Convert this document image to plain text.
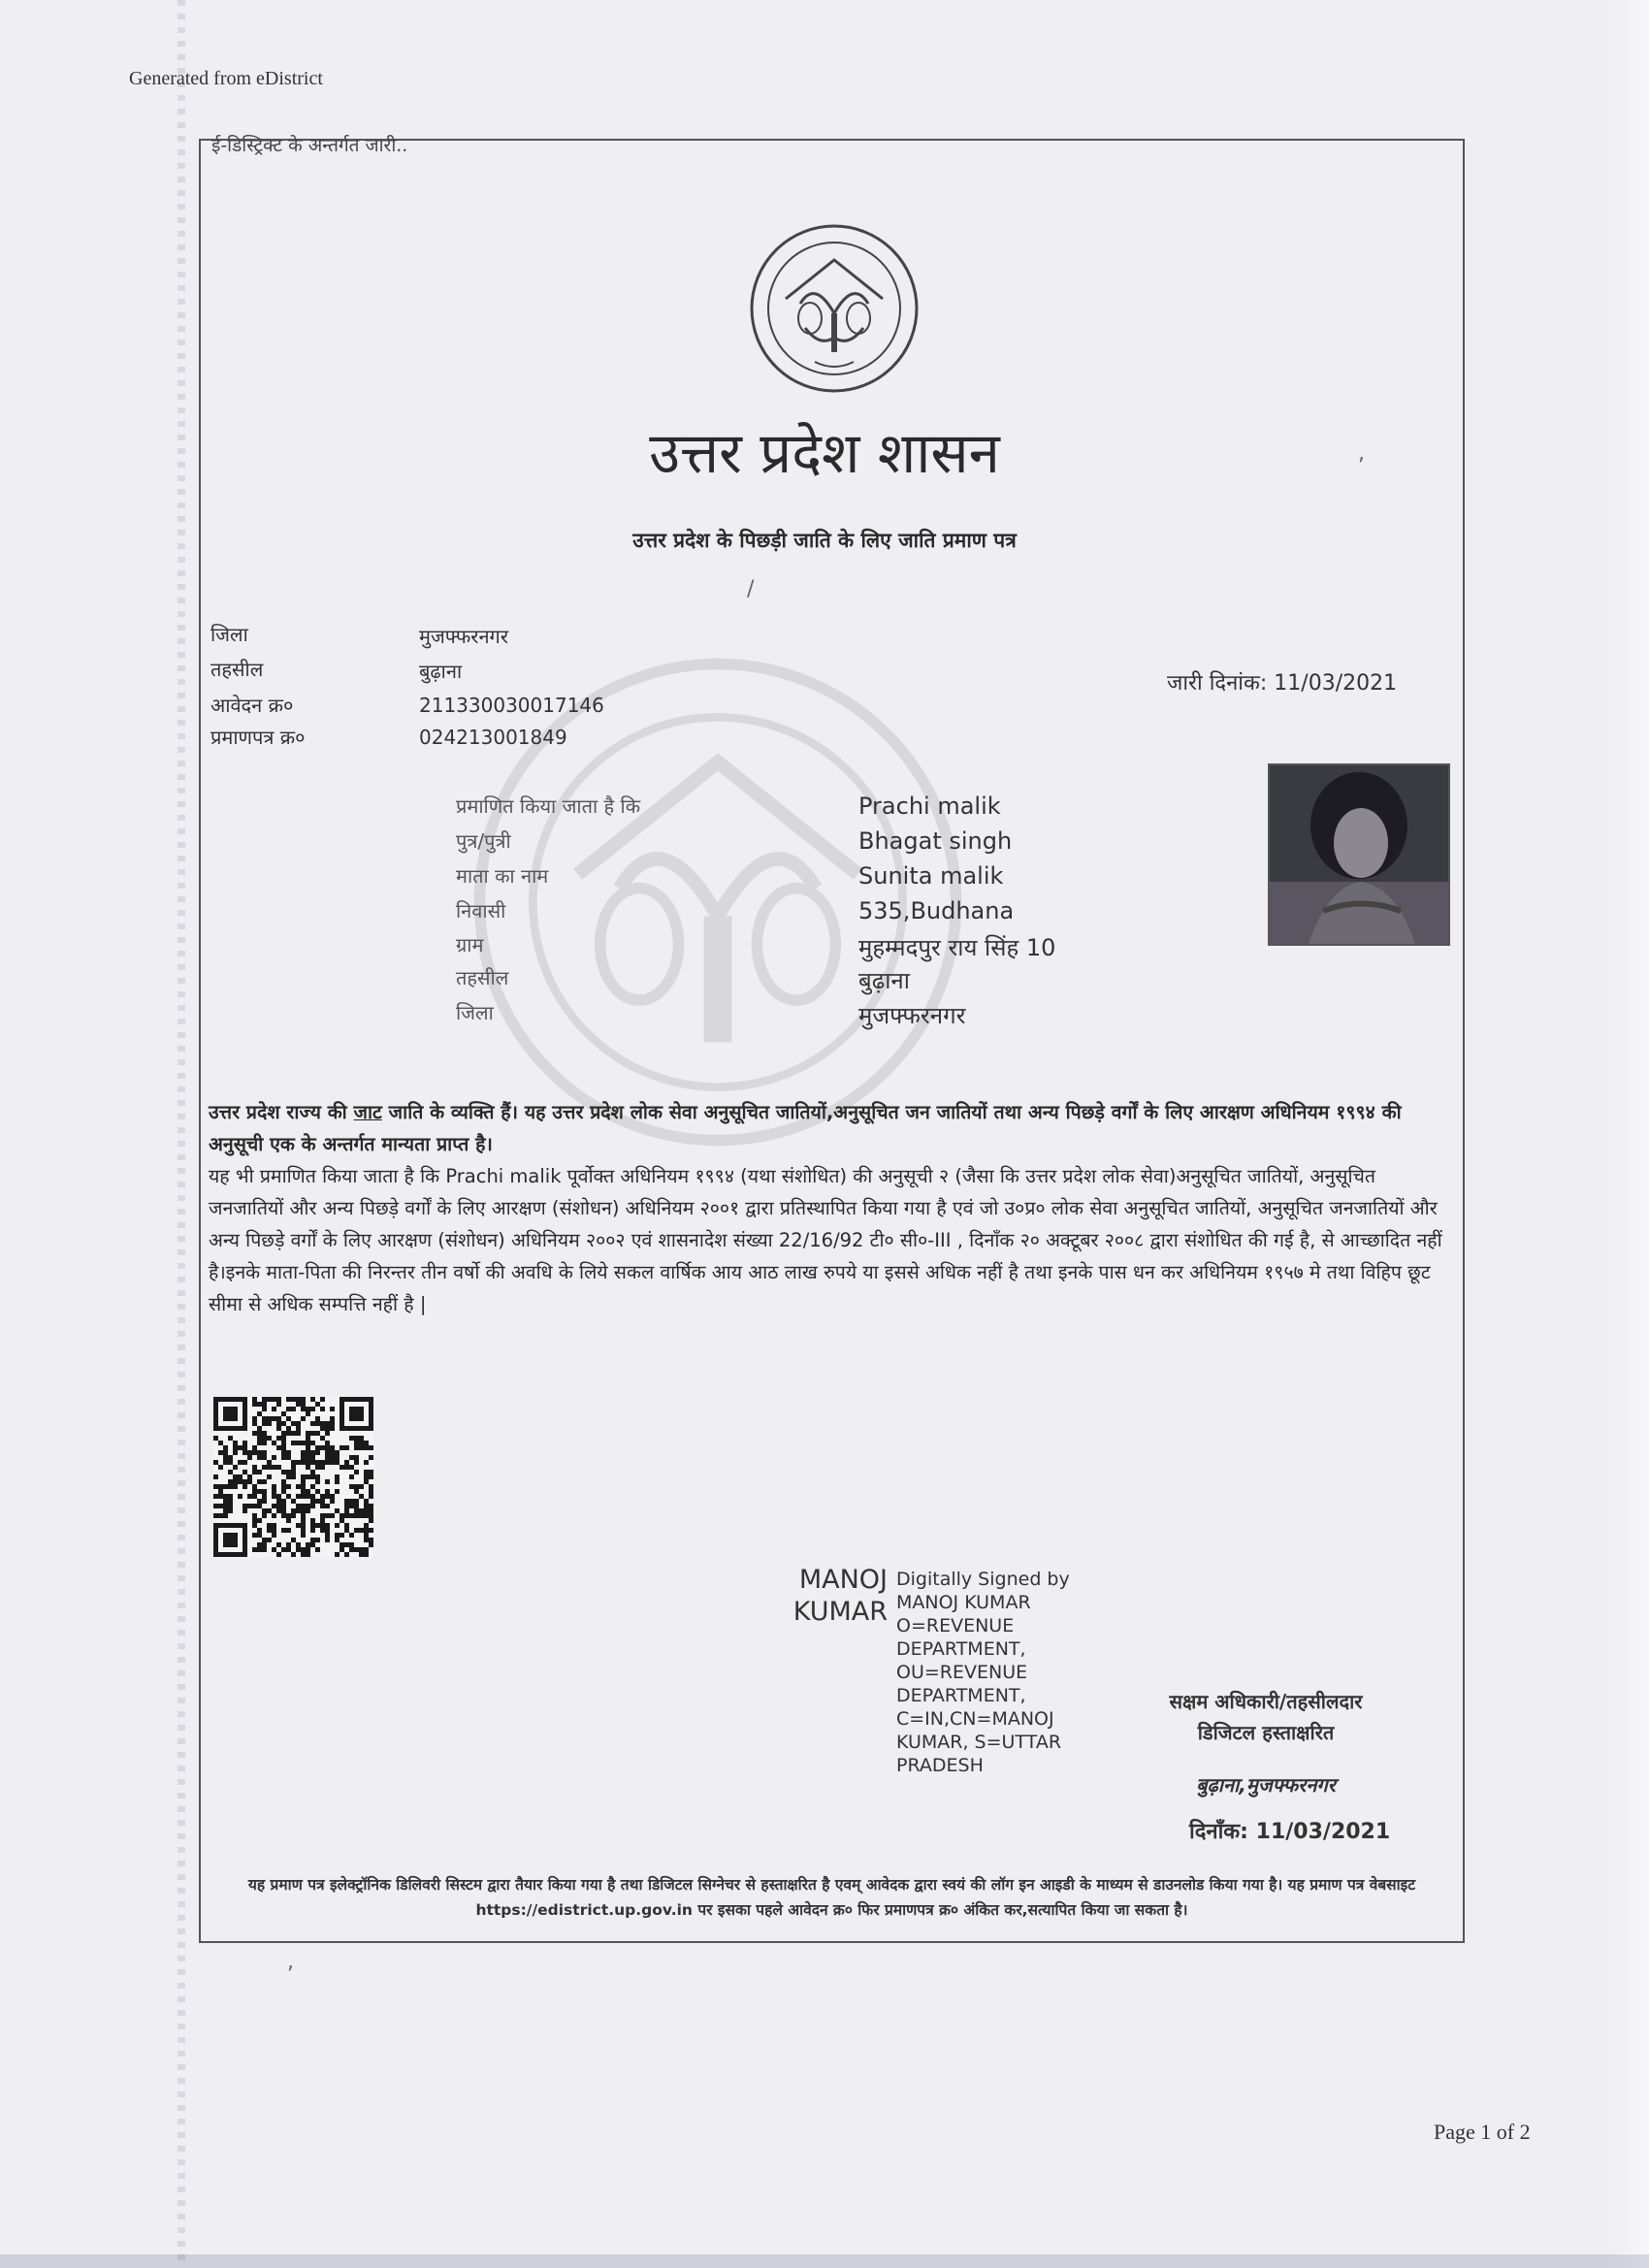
Generated from eDistrict
Page 1 of 2
ई-डिस्ट्रिक्ट के अन्तर्गत जारी..
उत्तर प्रदेश शासन
उत्तर प्रदेश के पिछड़ी जाति के लिए जाति प्रमाण पत्र
जिला	मुजफ्फरनगर
तहसील	बुढ़ाना
आवेदन क्र०	211330030017146
प्रमाणपत्र क्र०	024213001849
जारी दिनांक: 11/03/2021
प्रमाणित किया जाता है कि	Prachi malik
पुत्र/पुत्री	Bhagat singh
माता का नाम	Sunita malik
निवासी	535,Budhana
ग्राम	मुहम्मदपुर राय सिंह 10
तहसील	बुढ़ाना
जिला	मुजफ्फरनगर

उत्तर प्रदेश राज्य की जाट जाति के व्यक्ति हैं। यह उत्तर प्रदेश लोक सेवा अनुसूचित जातियों,अनुसूचित जन जातियों तथा अन्य पिछड़े वर्गों के लिए आरक्षण अधिनियम १९९४ की अनुसूची एक के अन्तर्गत मान्यता प्राप्त है।

यह भी प्रमाणित किया जाता है कि Prachi malik पूर्वोक्त अधिनियम १९९४ (यथा संशोधित) की अनुसूची २ (जैसा कि उत्तर प्रदेश लोक सेवा)अनुसूचित जातियों, अनुसूचित जनजातियों और अन्य पिछड़े वर्गों के लिए आरक्षण (संशोधन) अधिनियम २००१ द्वारा प्रतिस्थापित किया गया है एवं जो उ०प्र० लोक सेवा अनुसूचित जातियों, अनुसूचित जनजातियों और अन्य पिछड़े वर्गों के लिए आरक्षण (संशोधन) अधिनियम २००२ एवं शासनादेश संख्या 22/16/92 टी० सी०-III , दिनाँक २० अक्टूबर २००८ द्वारा संशोधित की गई है, से आच्छादित नहीं है।इनके माता-पिता की निरन्तर तीन वर्षो की अवधि के लिये सकल वार्षिक आय आठ लाख रुपये या इससे अधिक नहीं है तथा इनके पास धन कर अधिनियम १९५७ मे तथा विहिप छूट सीमा से अधिक सम्पत्ति नहीं है |

MANOJ
KUMAR
Digitally Signed by
MANOJ KUMAR
O=REVENUE
DEPARTMENT,
OU=REVENUE
DEPARTMENT,
C=IN,CN=MANOJ
KUMAR, S=UTTAR
PRADESH
सक्षम अधिकारी/तहसीलदार
डिजिटल हस्ताक्षरित
बुढ़ाना,मुजफ्फरनगर
दिनाँक: 11/03/2021
यह प्रमाण पत्र इलेक्ट्रॉनिक डिलिवरी सिस्टम द्वारा तैयार किया गया है तथा डिजिटल सिग्नेचर से हस्ताक्षरित है एवम् आवेदक द्वारा स्वयं की लॉग इन आइडी के माध्यम से डाउनलोड किया गया है। यह प्रमाण पत्र वेबसाइट https://edistrict.up.gov.in पर इसका पहले आवेदन क्र० फिर प्रमाणपत्र क्र० अंकित कर,सत्यापित किया जा सकता है।
,
/
,
